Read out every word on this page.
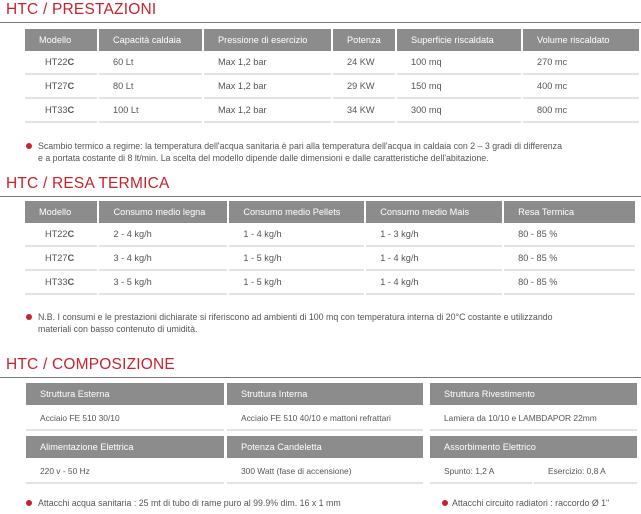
HTC / PRESTAZIONI
Modello	Capacità caldaia	Pressione di esercizio	Potenza	Superficie riscaldata	Volume riscaldato
HT22C	60 Lt	Max 1,2 bar	24 KW	100 mq	270 mc
HT27C	80 Lt	Max 1,2 bar	29 KW	150 mq	400 mc
HT33C	100 Lt	Max 1,2 bar	34 KW	300 mq	800 mc
Scambio termico a regime: la temperatura dell'acqua sanitaria è pari alla temperatura dell'acqua in caldaia con 2 – 3 gradi di differenza
e a portata costante di 8 lt/min. La scelta del modello dipende dalle dimensioni e dalle caratteristiche dell'abitazione.
HTC / RESA TERMICA
Modello	Consumo medio legna	Consumo medio Pellets	Consumo medio Mais	Resa Termica
HT22C	2 - 4 kg/h	1 - 4 kg/h	1 - 3 kg/h	80 - 85 %
HT27C	3 - 4 kg/h	1 - 5 kg/h	1 - 4 kg/h	80 - 85 %
HT33C	3 - 5 kg/h	1 - 5 kg/h	1 - 4 kg/h	80 - 85 %
N.B. I consumi e le prestazioni dichiarate si riferiscono ad ambienti di 100 mq con temperatura interna di 20°C costante e utilizzando
materiali con basso contenuto di umidità.
HTC / COMPOSIZIONE
Struttura Esterna	Struttura Interna	Struttura Rivestimento
Acciaio FE 510 30/10	Acciaio FE 510 40/10 e mattoni refrattari	Lamiera da 10/10 e LAMBDAPOR 22mm
Alimentazione Elettrica	Potenza Candeletta	Assorbimento Elettrico
220 v - 50 Hz	300 Watt (fase di accensione)	Spunto: 1,2 A	Esercizio: 0,8 A
Attacchi acqua sanitaria : 25 mt di tubo di rame puro al 99.9% dim. 16 x 1 mm	Attacchi circuito radiatori : raccordo Ø 1"
